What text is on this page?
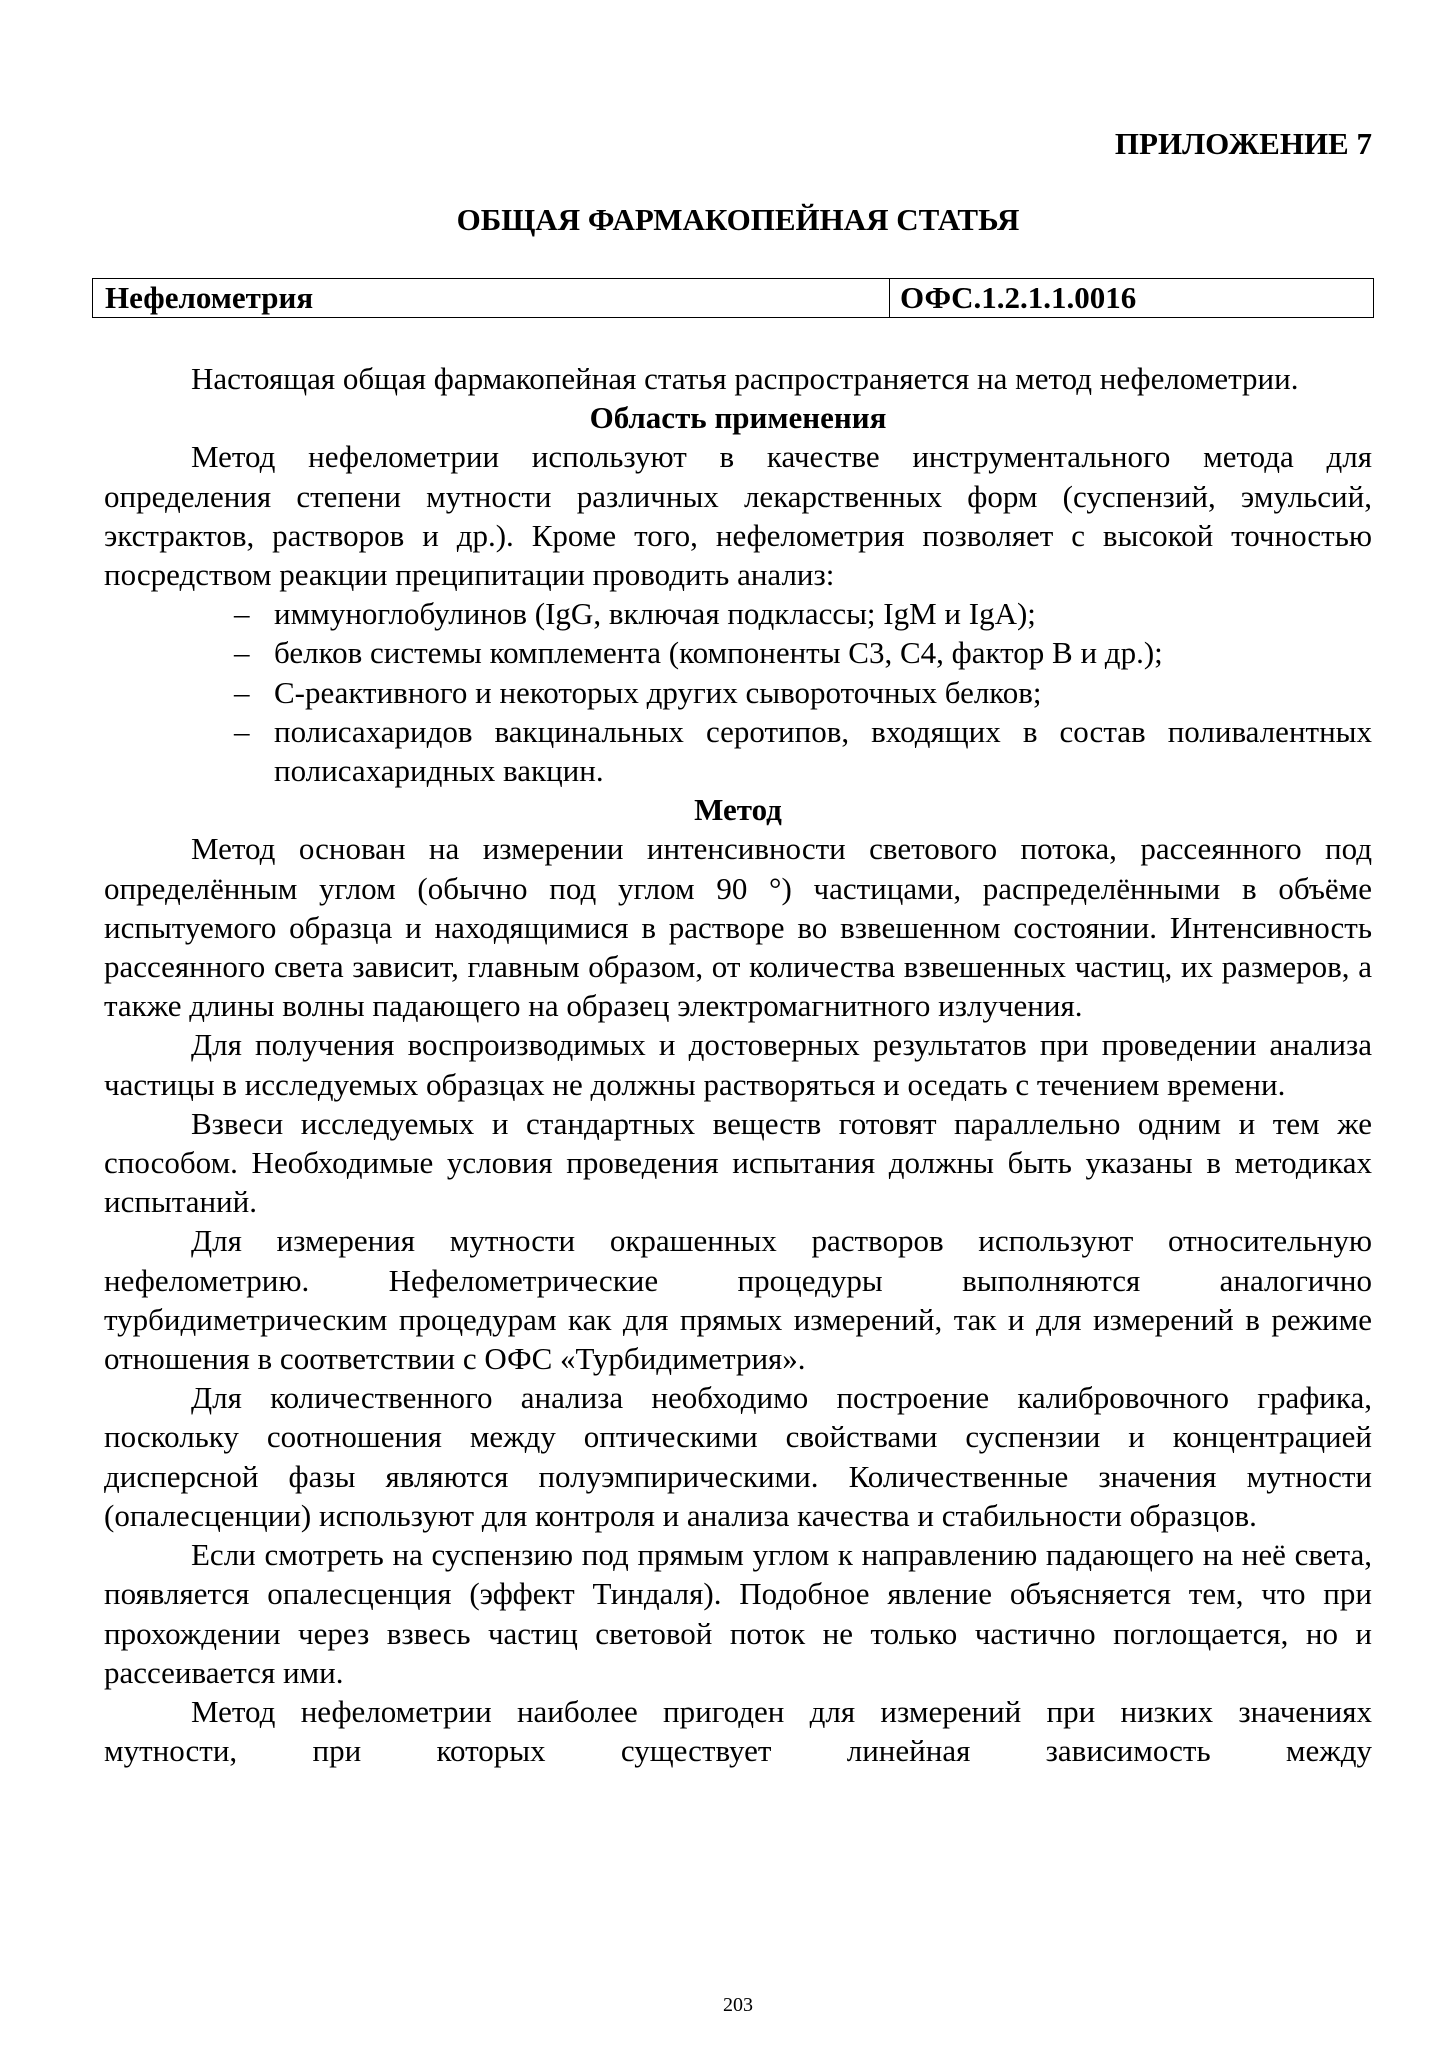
ПРИЛОЖЕНИЕ 7
ОБЩАЯ ФАРМАКОПЕЙНАЯ СТАТЬЯ
Нефелометрия	ОФС.1.2.1.1.0016

Настоящая общая фармакопейная статья распространяется на метод нефелометрии.

Область применения

Метод нефелометрии используют в качестве инструментального метода для определения степени мутности различных лекарственных форм (суспензий, эмульсий, экстрактов, растворов и др.). Кроме того, нефелометрия позволяет с высокой точностью посредством реакции преципитации проводить анализ:

– иммуноглобулинов (IgG, включая подклассы; IgM и IgA);
– белков системы комплемента (компоненты С3, С4, фактор В и др.);
– С-реактивного и некоторых других сывороточных белков;
– полисахаридов вакцинальных серотипов, входящих в состав поливалентных полисахаридных вакцин.

Метод

Метод основан на измерении интенсивности светового потока, рассеянного под определённым углом (обычно под углом 90 °) частицами, распределёнными в объёме испытуемого образца и находящимися в растворе во взвешенном состоянии. Интенсивность рассеянного света зависит, главным образом, от количества взвешенных частиц, их размеров, а также длины волны падающего на образец электромагнитного излучения.

Для получения воспроизводимых и достоверных результатов при проведении анализа частицы в исследуемых образцах не должны растворяться и оседать с течением времени.

Взвеси исследуемых и стандартных веществ готовят параллельно одним и тем же способом. Необходимые условия проведения испытания должны быть указаны в методиках испытаний.

Для измерения мутности окрашенных растворов используют относительную нефелометрию. Нефелометрические процедуры выполняются аналогично турбидиметрическим процедурам как для прямых измерений, так и для измерений в режиме отношения в соответствии с ОФС «Турбидиметрия».

Для количественного анализа необходимо построение калибровочного графика, поскольку соотношения между оптическими свойствами суспензии и концентрацией дисперсной фазы являются полуэмпирическими. Количественные значения мутности (опалесценции) используют для контроля и анализа качества и стабильности образцов.

Если смотреть на суспензию под прямым углом к направлению падающего на неё света, появляется опалесценция (эффект Тиндаля). Подобное явление объясняется тем, что при прохождении через взвесь частиц световой поток не только частично поглощается, но и рассеивается ими.

Метод нефелометрии наиболее пригоден для измерений при низких значениях мутности, при которых существует линейная зависимость между

203
